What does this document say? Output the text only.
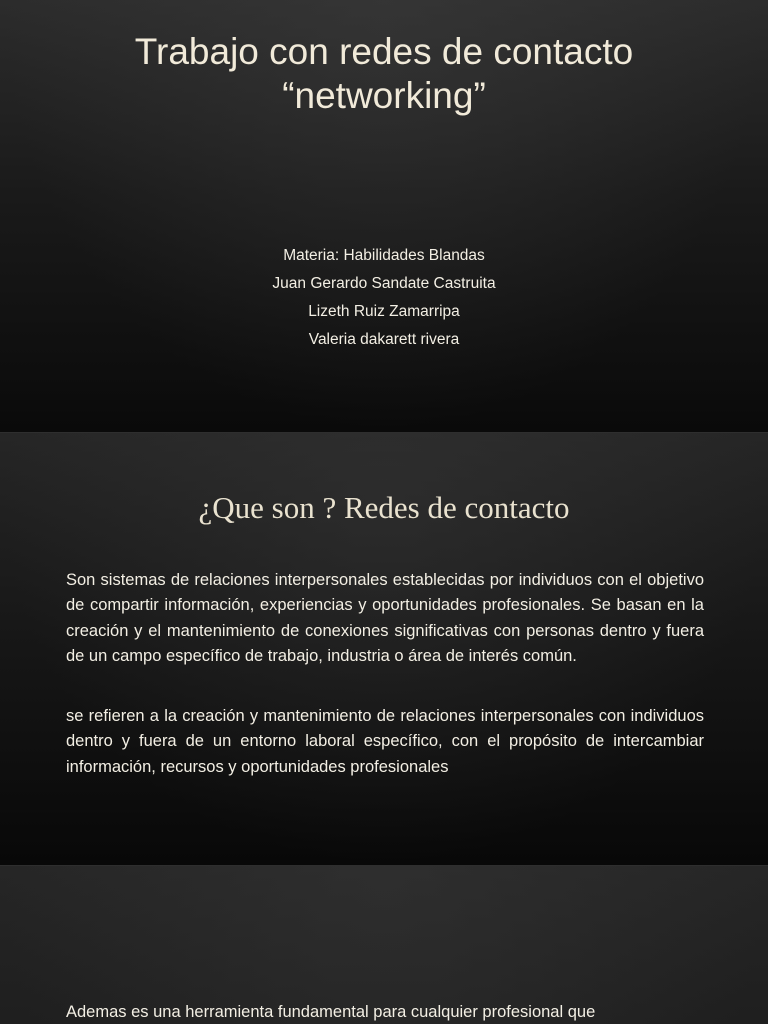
Trabajo con redes de contacto
“networking”
Materia: Habilidades Blandas
Juan Gerardo Sandate Castruita
Lizeth Ruiz Zamarripa
Valeria dakarett rivera
¿Que son ? Redes de contacto

Son sistemas de relaciones interpersonales establecidas por individuos con el objetivo de compartir información, experiencias y oportunidades profesionales. Se basan en la creación y el mantenimiento de conexiones significativas con personas dentro y fuera de un campo específico de trabajo, industria o área de interés común.

se refieren a la creación y mantenimiento de relaciones interpersonales con individuos dentro y fuera de un entorno laboral específico, con el propósito de intercambiar información, recursos y oportunidades profesionales

Ademas es una herramienta fundamental para cualquier profesional que
